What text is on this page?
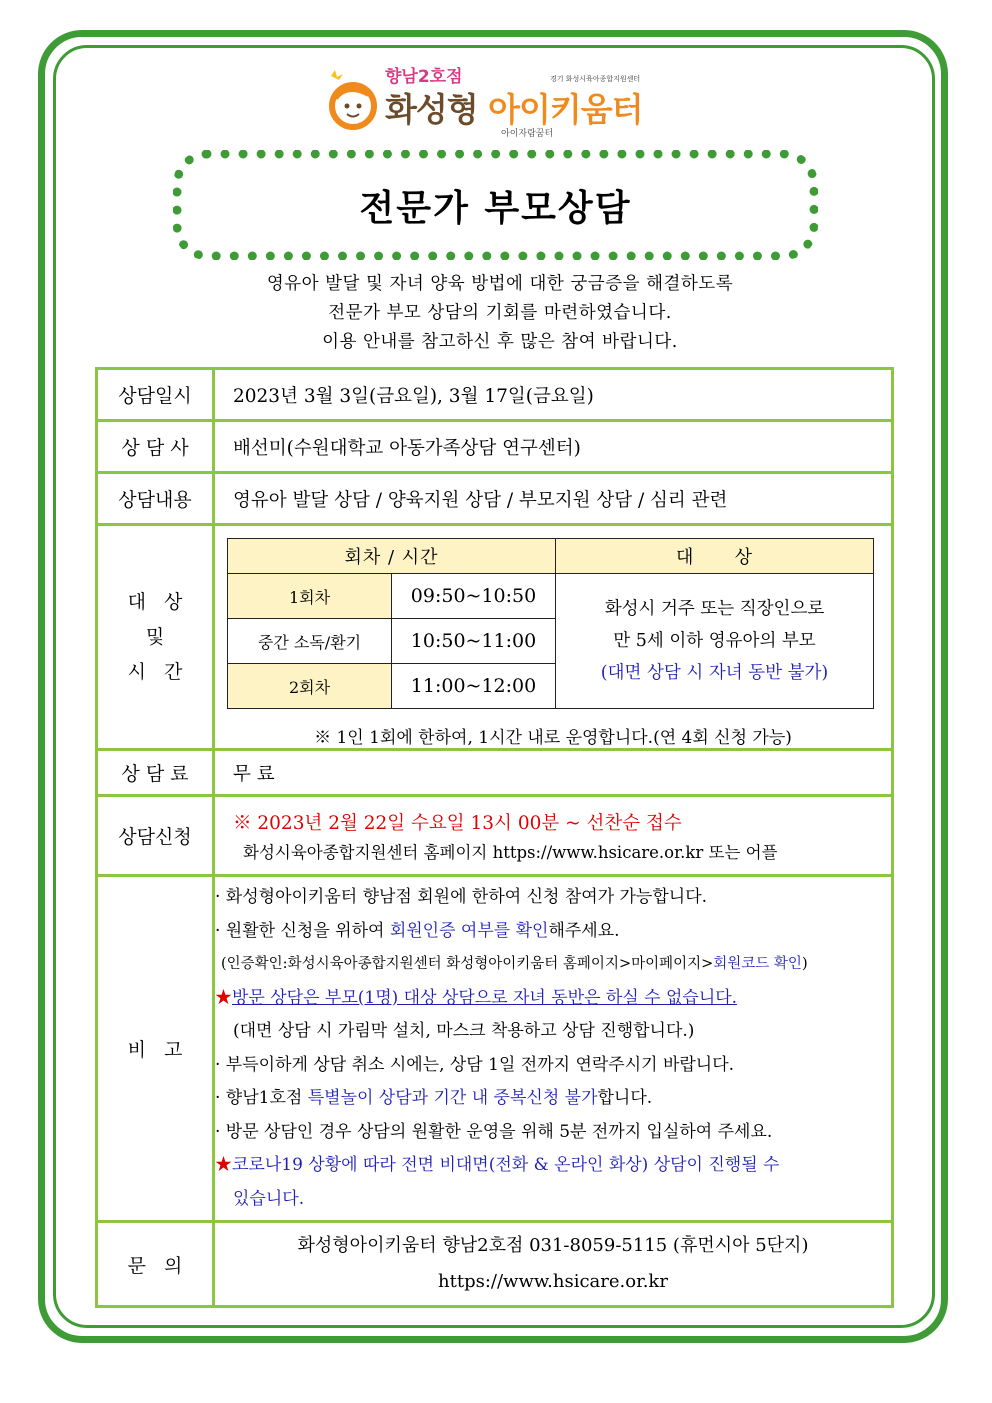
향남2호점	경기 화성시육아종합지원센터
화성형 아이키움터
아이자람꿈터
전문가 부모상담
영유아 발달 및 자녀 양육 방법에 대한 궁금증을 해결하도록
전문가 부모 상담의 기회를 마련하였습니다.
이용 안내를 참고하신 후 많은 참여 바랍니다.
상담일시	2023년 3월 3일(금요일), 3월 17일(금요일)
상 담 사	배선미(수원대학교 아동가족상담 연구센터)
상담내용	영유아 발달 상담 / 양육지원 상담 / 부모지원 상담 / 심리 관련

대   상
및
시   간

회차 / 시간	대      상
1회차	09:50~10:50	
화성시 거주 또는 직장인으로
만 5세 이하 영유아의 부모
(대면 상담 시 자녀 동반 불가)

중간 소독/환기	10:50~11:00
2회차	11:00~12:00
※ 1인 1회에 한하여, 1시간 내로 운영합니다.(연 4회 신청 가능)

상 담 료	무 료
상담신청	
※ 2023년 2월 22일 수요일 13시 00분 ~ 선찬순 접수
화성시육아종합지원센터 홈페이지 https://www.hsicare.or.kr 또는 어플

비   고	
· 화성형아이키움터 향남점 회원에 한하여 신청 참여가 가능합니다.
· 원활한 신청을 위하여 회원인증 여부를 확인해주세요.
(인증확인:화성시육아종합지원센터 화성형아이키움터 홈페이지>마이페이지>회원코드 확인)
★방문 상담은 부모(1명) 대상 상담으로 자녀 동반은 하실 수 없습니다.
(대면 상담 시 가림막 설치, 마스크 착용하고 상담 진행합니다.)
· 부득이하게 상담 취소 시에는, 상담 1일 전까지 연락주시기 바랍니다.
· 향남1호점 특별놀이 상담과 기간 내 중복신청 불가합니다.
· 방문 상담인 경우 상담의 원활한 운영을 위해 5분 전까지 입실하여 주세요.
★코로나19 상황에 따라 전면 비대면(전화 & 온라인 화상) 상담이 진행될 수
있습니다.

문   의	
화성형아이키움터 향남2호점 031-8059-5115 (휴먼시아 5단지)
https://www.hsicare.or.kr
